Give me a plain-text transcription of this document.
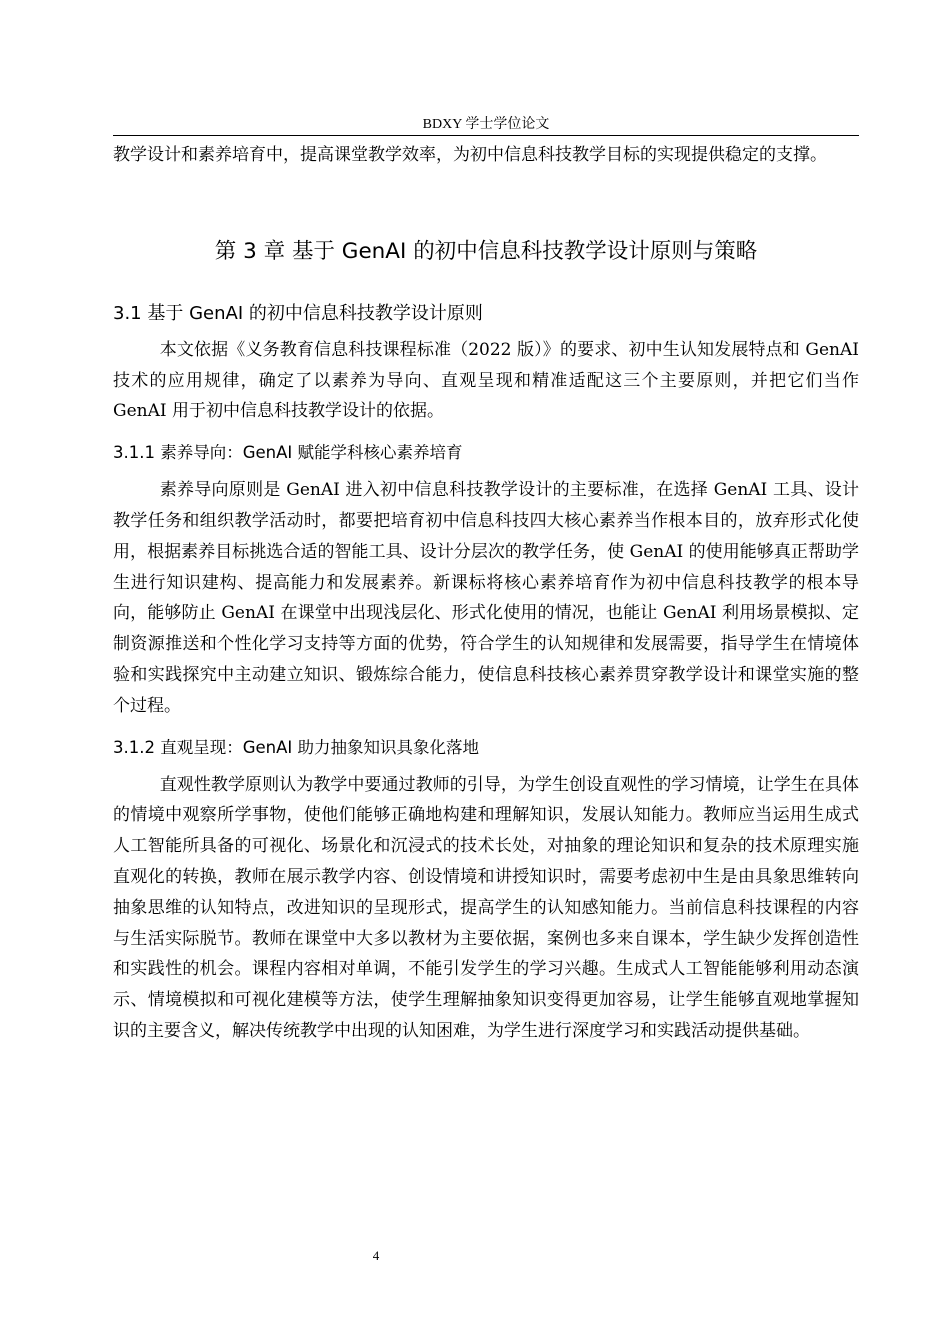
BDXY 学士学位论文

教学设计和素养培育中，提高课堂教学效率，为初中信息科技教学目标的实现提供稳定的支撑。

第 3 章 基于 GenAI 的初中信息科技教学设计原则与策略
3.1 基于 GenAI 的初中信息科技教学设计原则

本文依据《义务教育信息科技课程标准（2022 版）》的要求、初中生认知发展特点和 GenAI 技术的应用规律，确定了以素养为导向、直观呈现和精准适配这三个主要原则，并把它们当作 GenAI 用于初中信息科技教学设计的依据。

3.1.1 素养导向：GenAI 赋能学科核心素养培育

素养导向原则是 GenAI 进入初中信息科技教学设计的主要标准，在选择 GenAI 工具、设计教学任务和组织教学活动时，都要把培育初中信息科技四大核心素养当作根本目的，放弃形式化使用，根据素养目标挑选合适的智能工具、设计分层次的教学任务，使 GenAI 的使用能够真正帮助学生进行知识建构、提高能力和发展素养。新课标将核心素养培育作为初中信息科技教学的根本导向，能够防止 GenAI 在课堂中出现浅层化、形式化使用的情况，也能让 GenAI 利用场景模拟、定制资源推送和个性化学习支持等方面的优势，符合学生的认知规律和发展需要，指导学生在情境体验和实践探究中主动建立知识、锻炼综合能力，使信息科技核心素养贯穿教学设计和课堂实施的整个过程。

3.1.2 直观呈现：GenAI 助力抽象知识具象化落地

直观性教学原则认为教学中要通过教师的引导，为学生创设直观性的学习情境，让学生在具体的情境中观察所学事物，使他们能够正确地构建和理解知识，发展认知能力。教师应当运用生成式人工智能所具备的可视化、场景化和沉浸式的技术长处，对抽象的理论知识和复杂的技术原理实施直观化的转换，教师在展示教学内容、创设情境和讲授知识时，需要考虑初中生是由具象思维转向抽象思维的认知特点，改进知识的呈现形式，提高学生的认知感知能力。当前信息科技课程的内容与生活实际脱节。教师在课堂中大多以教材为主要依据，案例也多来自课本，学生缺少发挥创造性和实践性的机会。课程内容相对单调，不能引发学生的学习兴趣。生成式人工智能能够利用动态演示、情境模拟和可视化建模等方法，使学生理解抽象知识变得更加容易，让学生能够直观地掌握知识的主要含义，解决传统教学中出现的认知困难，为学生进行深度学习和实践活动提供基础。

4
